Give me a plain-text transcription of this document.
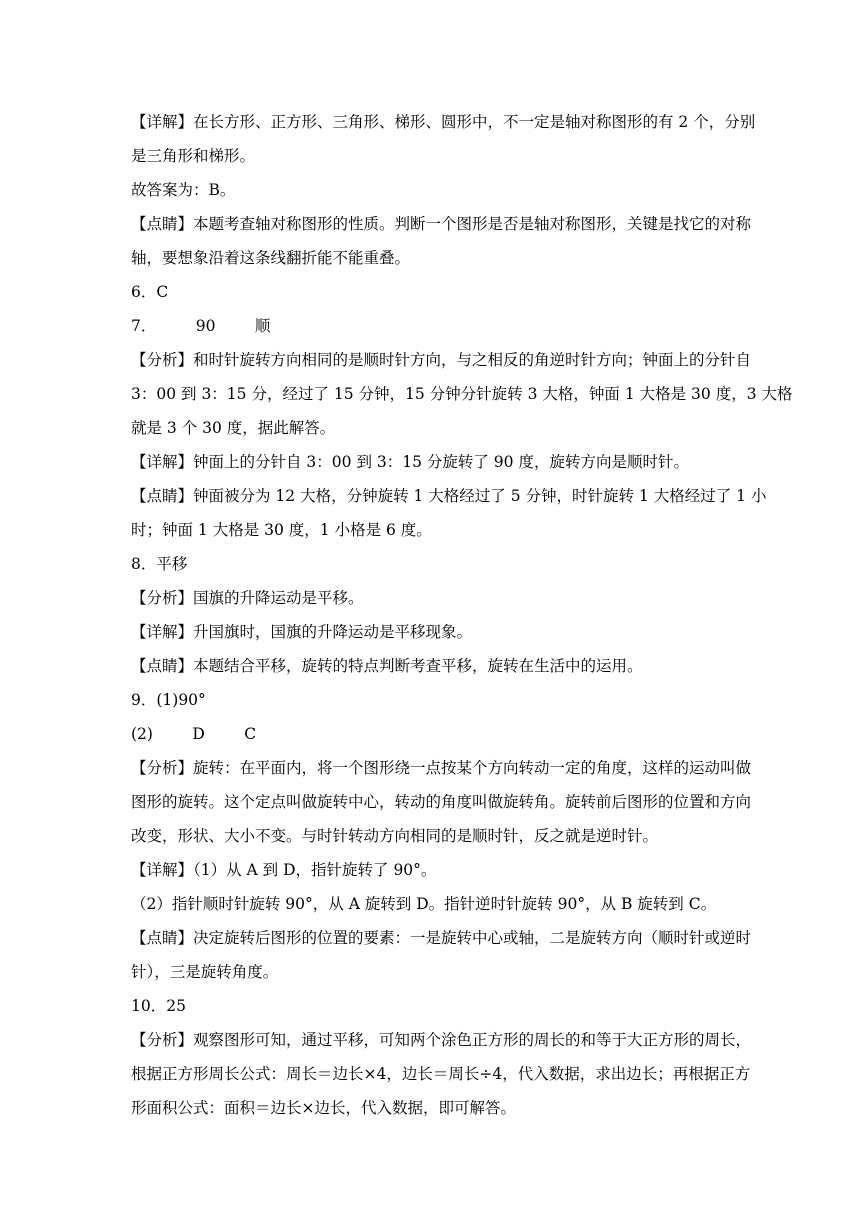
【详解】在长方形、正方形、三角形、梯形、圆形中，不一定是轴对称图形的有 2 个，分别
是三角形和梯形。
故答案为：B。
【点睛】本题考查轴对称图形的性质。判断一个图形是否是轴对称图形，关键是找它的对称
轴，要想象沿着这条线翻折能不能重叠。
6．C
7．        90        顺
【分析】和时针旋转方向相同的是顺时针方向，与之相反的角逆时针方向；钟面上的分针自
3：00 到 3：15 分，经过了 15 分钟，15 分钟分针旋转 3 大格，钟面 1 大格是 30 度，3 大格
就是 3 个 30 度，据此解答。
【详解】钟面上的分针自 3：00 到 3：15 分旋转了 90 度，旋转方向是顺时针。
【点睛】钟面被分为 12 大格，分钟旋转 1 大格经过了 5 分钟，时针旋转 1 大格经过了 1 小
时；钟面 1 大格是 30 度，1 小格是 6 度。
8．平移
【分析】国旗的升降运动是平移。
【详解】升国旗时，国旗的升降运动是平移现象。
【点睛】本题结合平移，旋转的特点判断考查平移，旋转在生活中的运用。
9．(1)90°
(2)        D        C
【分析】旋转：在平面内，将一个图形绕一点按某个方向转动一定的角度，这样的运动叫做
图形的旋转。这个定点叫做旋转中心，转动的角度叫做旋转角。旋转前后图形的位置和方向
改变，形状、大小不变。与时针转动方向相同的是顺时针，反之就是逆时针。
【详解】（1）从 A 到 D，指针旋转了 90°。
（2）指针顺时针旋转 90°，从 A 旋转到 D。指针逆时针旋转 90°，从 B 旋转到 C。
【点睛】决定旋转后图形的位置的要素：一是旋转中心或轴，二是旋转方向（顺时针或逆时
针），三是旋转角度。
10．25
【分析】观察图形可知，通过平移，可知两个涂色正方形的周长的和等于大正方形的周长，
根据正方形周长公式：周长＝边长×4，边长＝周长÷4，代入数据，求出边长；再根据正方
形面积公式：面积＝边长×边长，代入数据，即可解答。
